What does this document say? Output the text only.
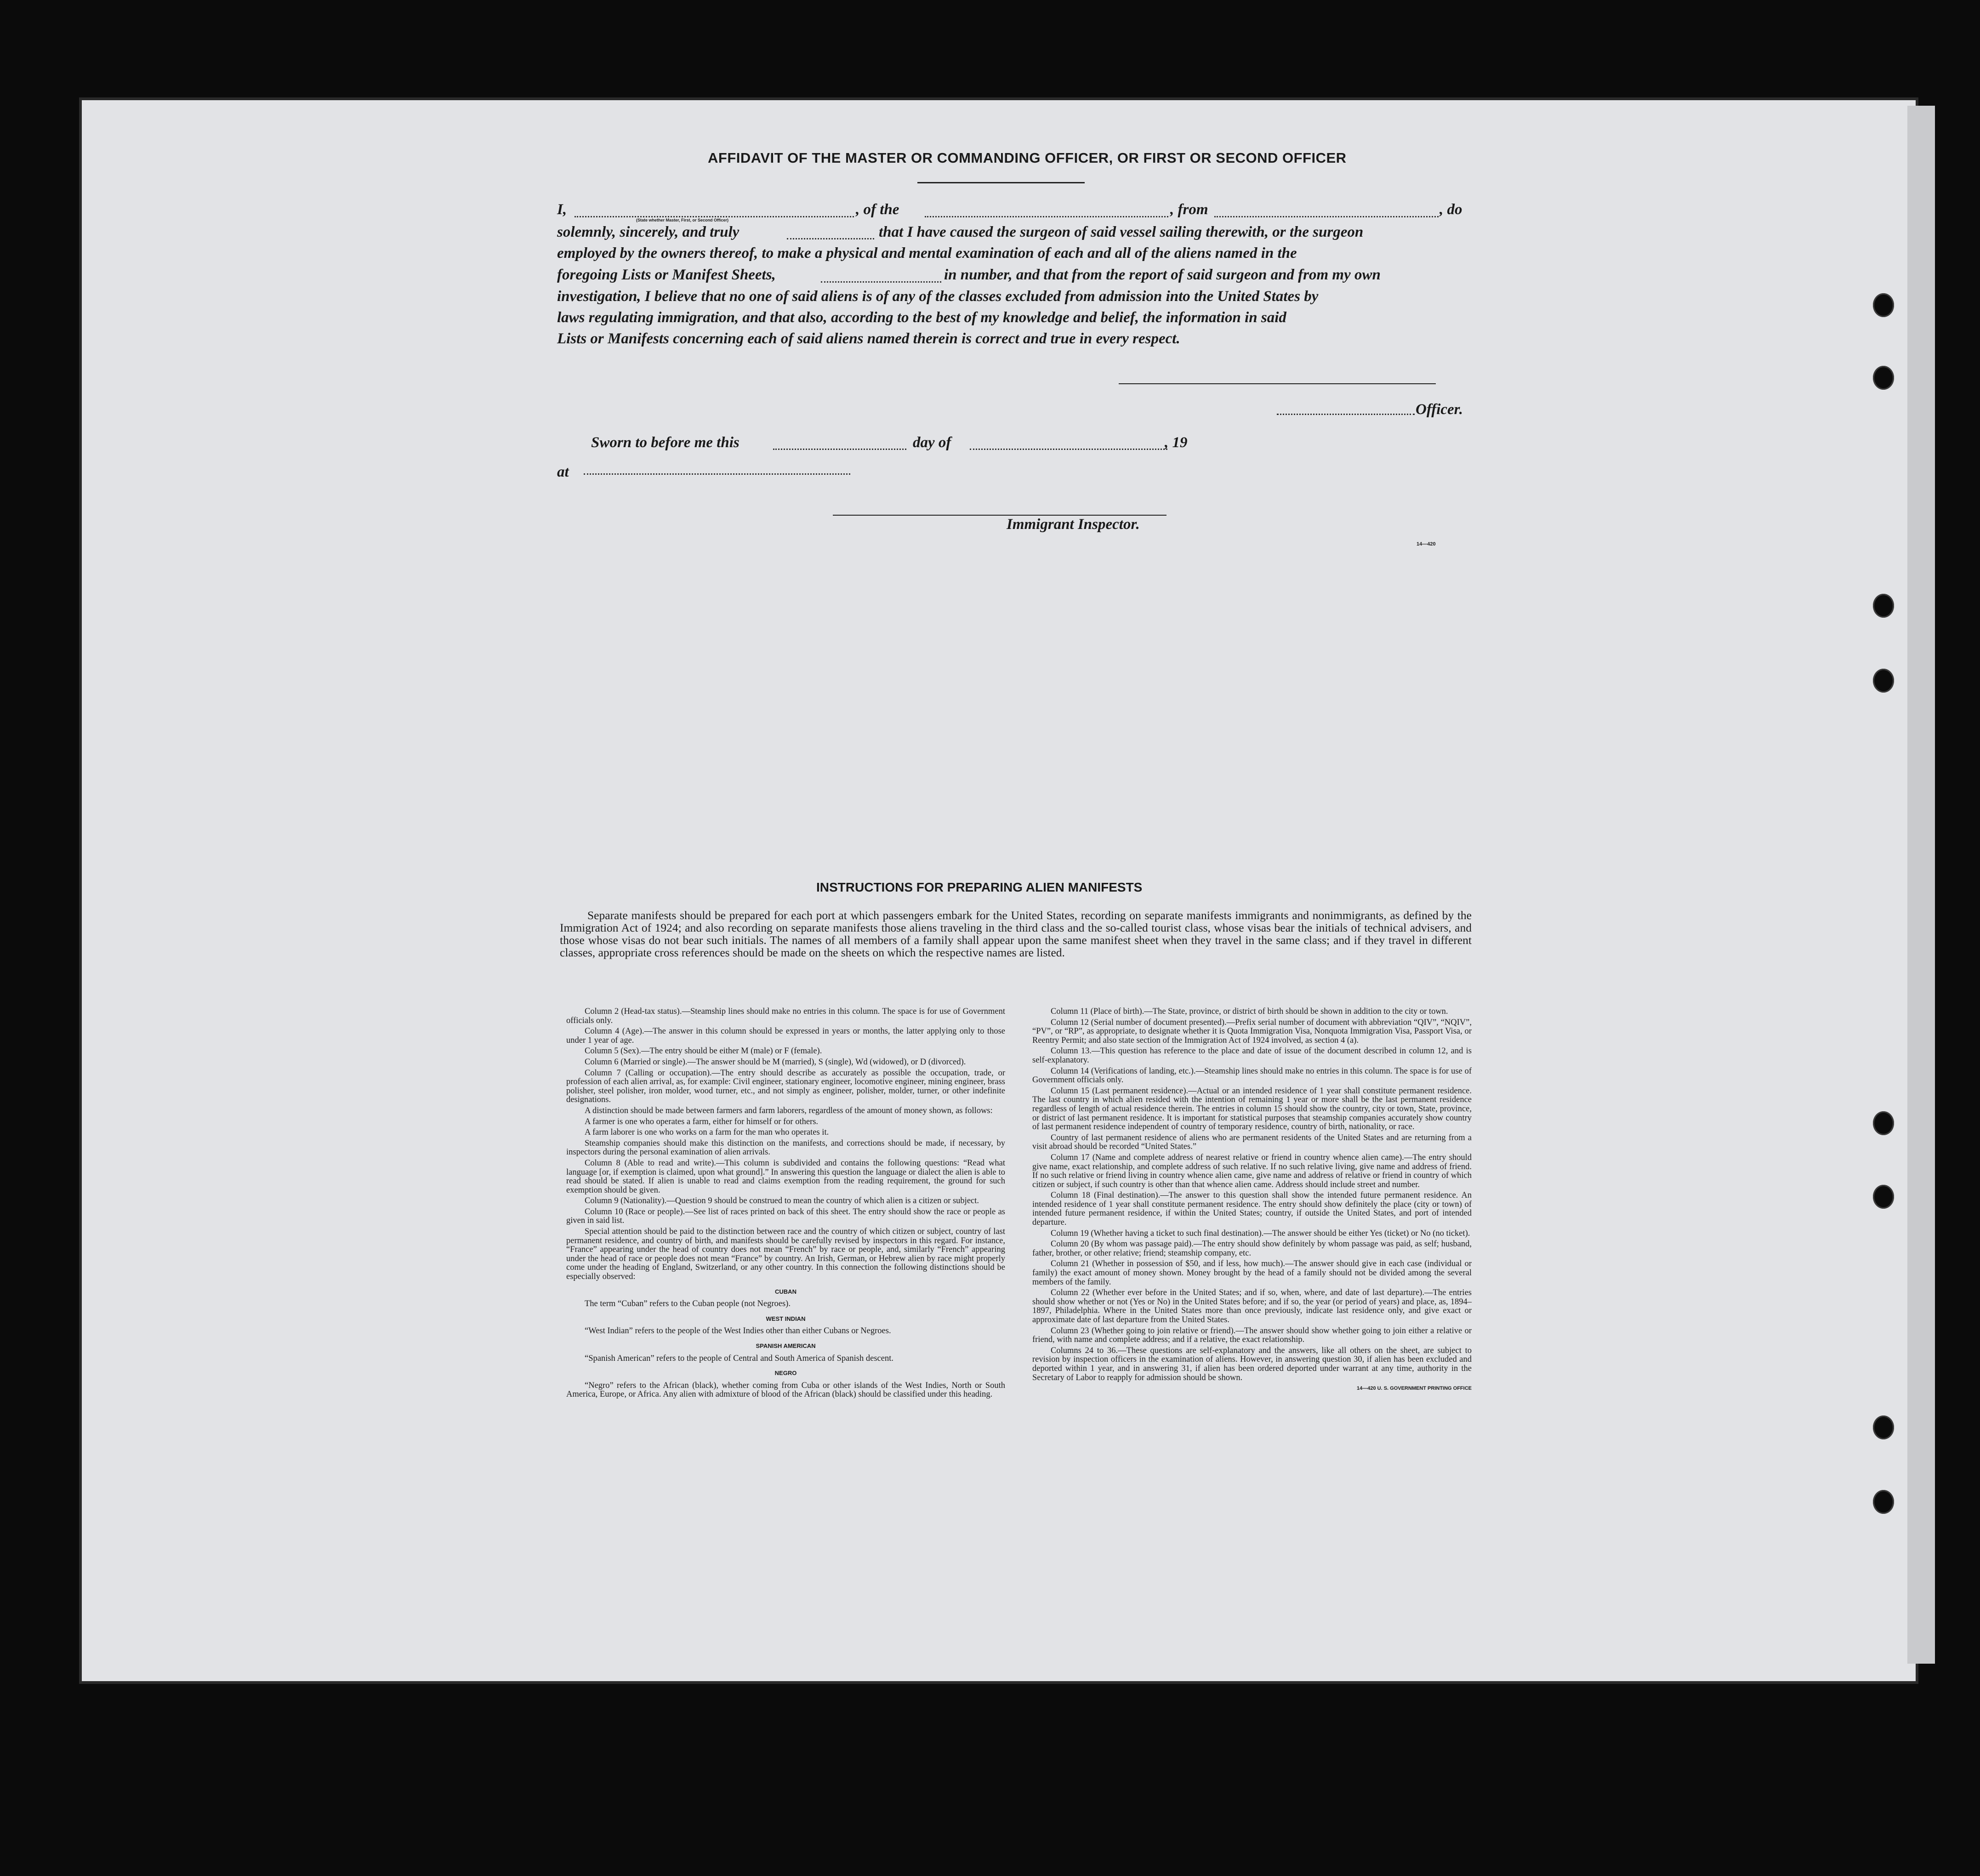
AFFIDAVIT OF THE MASTER OR COMMANDING OFFICER, OR FIRST OR SECOND OFFICER
I,
(State whether Master, First, or Second Officer)
, of the	, from	, do
solemnly, sincerely, and truly	that I have caused the surgeon of said vessel sailing therewith, or the surgeon
employed by the owners thereof, to make a physical and mental examination of each and all of the aliens named in the
foregoing Lists or Manifest Sheets,	in number, and that from the report of said surgeon and from my own
investigation, I believe that no one of said aliens is of any of the classes excluded from admission into the United States by
laws regulating immigration, and that also, according to the best of my knowledge and belief, the information in said
Lists or Manifests concerning each of said aliens named therein is correct and true in every respect.
Officer.
Sworn to before me this	day of	, 19
at
Immigrant Inspector.
14—420
INSTRUCTIONS FOR PREPARING ALIEN MANIFESTS
Separate manifests should be prepared for each port at which passengers embark for the United States, recording on separate manifests immigrants and nonimmigrants, as defined by the Immigration Act of 1924; and also recording on separate manifests those aliens traveling in the third class and the so-called tourist class, whose visas bear the initials of technical advisers, and those whose visas do not bear such initials. The names of all members of a family shall appear upon the same manifest sheet when they travel in the same class; and if they travel in different classes, appropriate cross references should be made on the sheets on which the respective names are listed.

Column 2 (Head-tax status).—Steamship lines should make no entries in this column. The space is for use of Government officials only.

Column 4 (Age).—The answer in this column should be expressed in years or months, the latter applying only to those under 1 year of age.

Column 5 (Sex).—The entry should be either M (male) or F (female).

Column 6 (Married or single).—The answer should be M (married), S (single), Wd (widowed), or D (divorced).

Column 7 (Calling or occupation).—The entry should describe as accurately as possible the occupation, trade, or profession of each alien arrival, as, for example: Civil engineer, stationary engineer, locomotive engineer, mining engineer, brass polisher, steel polisher, iron molder, wood turner, etc., and not simply as engineer, polisher, molder, turner, or other indefinite designations.

A distinction should be made between farmers and farm laborers, regardless of the amount of money shown, as follows:

A farmer is one who operates a farm, either for himself or for others.

A farm laborer is one who works on a farm for the man who operates it.

Steamship companies should make this distinction on the manifests, and corrections should be made, if necessary, by inspectors during the personal examination of alien arrivals.

Column 8 (Able to read and write).—This column is subdivided and contains the following questions: “Read what language [or, if exemption is claimed, upon what ground].” In answering this question the language or dialect the alien is able to read should be stated. If alien is unable to read and claims exemption from the reading requirement, the ground for such exemption should be given.

Column 9 (Nationality).—Question 9 should be construed to mean the country of which alien is a citizen or subject.

Column 10 (Race or people).—See list of races printed on back of this sheet. The entry should show the race or people as given in said list.

Special attention should be paid to the distinction between race and the country of which citizen or subject, country of last permanent residence, and country of birth, and manifests should be carefully revised by inspectors in this regard. For instance, “France” appearing under the head of country does not mean “French” by race or people, and, similarly “French” appearing under the head of race or people does not mean “France” by country. An Irish, German, or Hebrew alien by race might properly come under the heading of England, Switzerland, or any other country. In this connection the following distinctions should be especially observed:

CUBAN

The term “Cuban” refers to the Cuban people (not Negroes).

WEST INDIAN

“West Indian” refers to the people of the West Indies other than either Cubans or Negroes.

SPANISH AMERICAN

“Spanish American” refers to the people of Central and South America of Spanish descent.

NEGRO

“Negro” refers to the African (black), whether coming from Cuba or other islands of the West Indies, North or South America, Europe, or Africa. Any alien with admixture of blood of the African (black) should be classified under this heading.

Column 11 (Place of birth).—The State, province, or district of birth should be shown in addition to the city or town.

Column 12 (Serial number of document presented).—Prefix serial number of document with abbreviation “QIV”, “NQIV”, “PV”, or “RP”, as appropriate, to designate whether it is Quota Immigration Visa, Nonquota Immigration Visa, Passport Visa, or Reentry Permit; and also state section of the Immigration Act of 1924 involved, as section 4 (a).

Column 13.—This question has reference to the place and date of issue of the document described in column 12, and is self-explanatory.

Column 14 (Verifications of landing, etc.).—Steamship lines should make no entries in this column. The space is for use of Government officials only.

Column 15 (Last permanent residence).—Actual or an intended residence of 1 year shall constitute permanent residence. The last country in which alien resided with the intention of remaining 1 year or more shall be the last permanent residence regardless of length of actual residence therein. The entries in column 15 should show the country, city or town, State, province, or district of last permanent residence. It is important for statistical purposes that steamship companies accurately show country of last permanent residence independent of country of temporary residence, country of birth, nationality, or race.

Country of last permanent residence of aliens who are permanent residents of the United States and are returning from a visit abroad should be recorded “United States.”

Column 17 (Name and complete address of nearest relative or friend in country whence alien came).—The entry should give name, exact relationship, and complete address of such relative. If no such relative living, give name and address of friend. If no such relative or friend living in country whence alien came, give name and address of relative or friend in country of which citizen or subject, if such country is other than that whence alien came. Address should include street and number.

Column 18 (Final destination).—The answer to this question shall show the intended future permanent residence. An intended residence of 1 year shall constitute permanent residence. The entry should show definitely the place (city or town) of intended future permanent residence, if within the United States; country, if outside the United States, and port of intended departure.

Column 19 (Whether having a ticket to such final destination).—The answer should be either Yes (ticket) or No (no ticket).

Column 20 (By whom was passage paid).—The entry should show definitely by whom passage was paid, as self; husband, father, brother, or other relative; friend; steamship company, etc.

Column 21 (Whether in possession of $50, and if less, how much).—The answer should give in each case (individual or family) the exact amount of money shown. Money brought by the head of a family should not be divided among the several members of the family.

Column 22 (Whether ever before in the United States; and if so, when, where, and date of last departure).—The entries should show whether or not (Yes or No) in the United States before; and if so, the year (or period of years) and place, as, 1894–1897, Philadelphia. Where in the United States more than once previously, indicate last residence only, and give exact or approximate date of last departure from the United States.

Column 23 (Whether going to join relative or friend).—The answer should show whether going to join either a relative or friend, with name and complete address; and if a relative, the exact relationship.

Columns 24 to 36.—These questions are self-explanatory and the answers, like all others on the sheet, are subject to revision by inspection officers in the examination of aliens. However, in answering question 30, if alien has been excluded and deported within 1 year, and in answering 31, if alien has been ordered deported under warrant at any time, authority in the Secretary of Labor to reapply for admission should be shown.

14—420 U. S. GOVERNMENT PRINTING OFFICE
